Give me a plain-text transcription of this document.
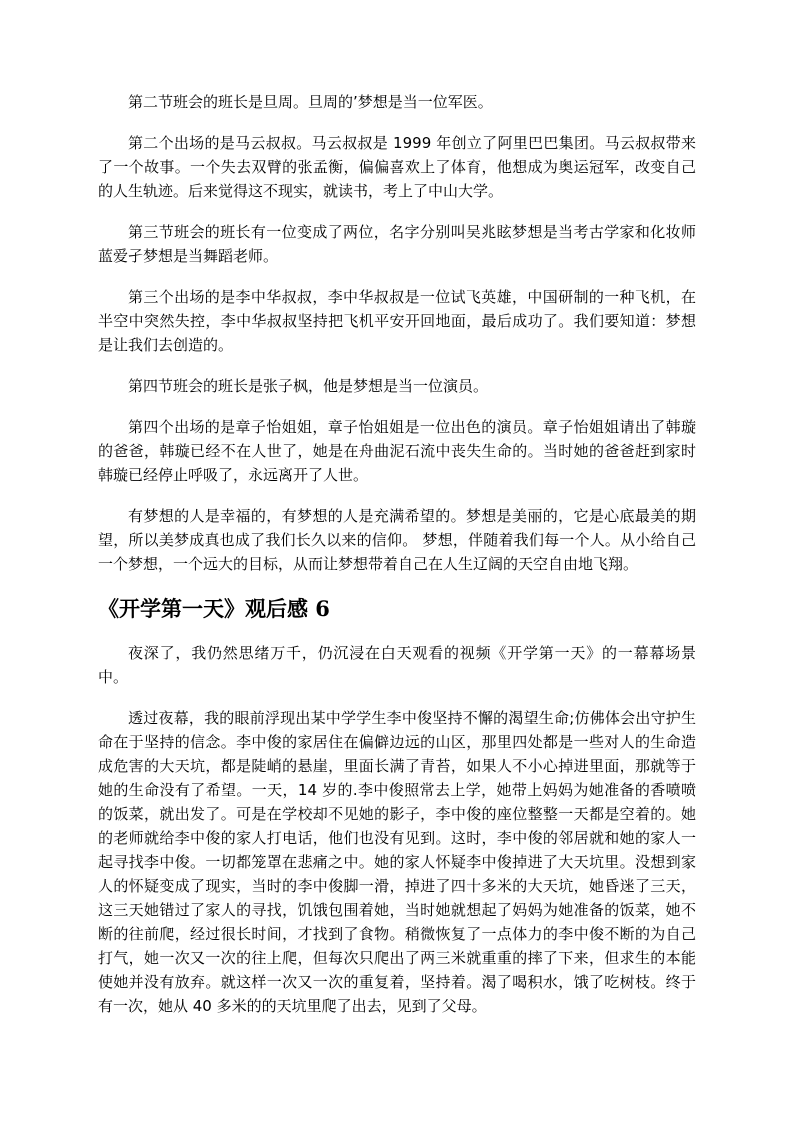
第二节班会的班长是旦周。旦周的’梦想是当一位军医。

第二个出场的是马云叔叔。马云叔叔是 1999 年创立了阿里巴巴集团。马云叔叔带来了一个故事。一个失去双臂的张孟衡，偏偏喜欢上了体育，他想成为奥运冠军，改变自己的人生轨迹。后来觉得这不现实，就读书，考上了中山大学。

第三节班会的班长有一位变成了两位，名字分别叫吴兆眩梦想是当考古学家和化妆师蓝爱孑梦想是当舞蹈老师。

第三个出场的是李中华叔叔，李中华叔叔是一位试飞英雄，中国研制的一种飞机，在半空中突然失控，李中华叔叔坚持把飞机平安开回地面，最后成功了。我们要知道：梦想是让我们去创造的。

第四节班会的班长是张子枫，他是梦想是当一位演员。

第四个出场的是章子怡姐姐，章子怡姐姐是一位出色的演员。章子怡姐姐请出了韩璇的爸爸，韩璇已经不在人世了，她是在舟曲泥石流中丧失生命的。当时她的爸爸赶到家时韩璇已经停止呼吸了，永远离开了人世。

有梦想的人是幸福的，有梦想的人是充满希望的。梦想是美丽的，它是心底最美的期望，所以美梦成真也成了我们长久以来的信仰。 梦想，伴随着我们每一个人。从小给自己一个梦想，一个远大的目标，从而让梦想带着自己在人生辽阔的天空自由地飞翔。

《开学第一天》观后感 6

夜深了，我仍然思绪万千，仍沉浸在白天观看的视频《开学第一天》的一幕幕场景中。

透过夜幕，我的眼前浮现出某中学学生李中俊坚持不懈的渴望生命;仿佛体会出守护生命在于坚持的信念。李中俊的家居住在偏僻边远的山区，那里四处都是一些对人的生命造成危害的大天坑，都是陡峭的悬崖，里面长满了青苔，如果人不小心掉进里面，那就等于她的生命没有了希望。一天，14 岁的.李中俊照常去上学，她带上妈妈为她准备的香喷喷的饭菜，就出发了。可是在学校却不见她的影子，李中俊的座位整整一天都是空着的。她的老师就给李中俊的家人打电话，他们也没有见到。这时，李中俊的邻居就和她的家人一起寻找李中俊。一切都笼罩在悲痛之中。她的家人怀疑李中俊掉进了大天坑里。没想到家人的怀疑变成了现实，当时的李中俊脚一滑，掉进了四十多米的大天坑，她昏迷了三天，这三天她错过了家人的寻找，饥饿包围着她，当时她就想起了妈妈为她准备的饭菜，她不断的往前爬，经过很长时间，才找到了食物。稍微恢复了一点体力的李中俊不断的为自己打气，她一次又一次的往上爬，但每次只爬出了两三米就重重的摔了下来，但求生的本能使她并没有放弃。就这样一次又一次的重复着，坚持着。渴了喝积水，饿了吃树枝。终于有一次，她从 40 多米的的天坑里爬了出去，见到了父母。
